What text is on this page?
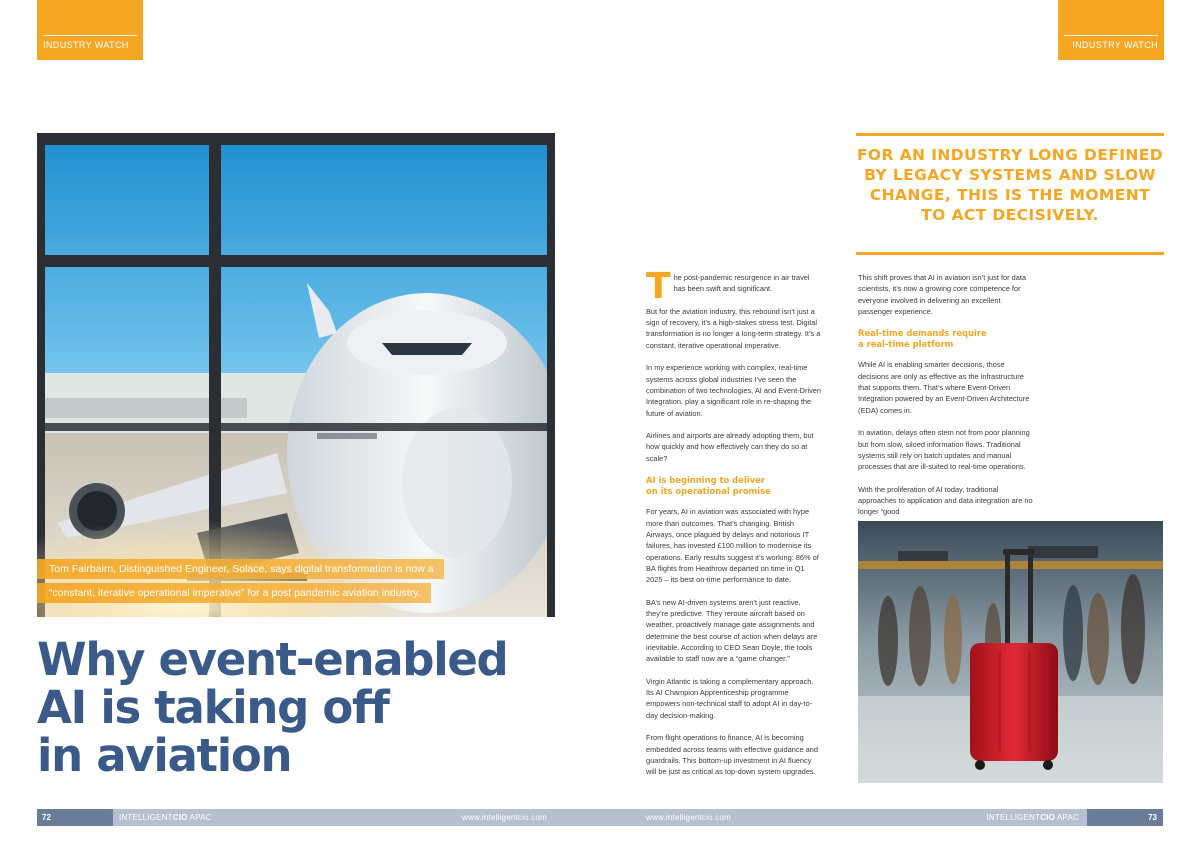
INDUSTRY WATCH	INDUSTRY WATCH
Tom Fairbairn, Distinguished Engineer, Solace, says digital transformation is now a
“constant, iterative operational imperative” for a post pandemic aviation industry.
Why event-enabled
AI is taking off
in aviation
FOR AN INDUSTRY LONG DEFINED BY LEGACY SYSTEMS AND SLOW CHANGE, THIS IS THE MOMENT TO ACT DECISIVELY.

The post-pandemic resurgence in air travel has been swift and significant.

But for the aviation industry, this rebound isn’t just a sign of recovery, it’s a high-stakes stress test. Digital transformation is no longer a long-term strategy. It’s a constant, iterative operational imperative.

In my experience working with complex, real-time systems across global industries I’ve seen the combination of two technologies, AI and Event-Driven Integration, play a significant role in re-shaping the future of aviation.

Airlines and airports are already adopting them, but how quickly and how effectively can they do so at scale?

AI is beginning to deliver
on its operational promise

For years, AI in aviation was associated with hype more than outcomes. That’s changing. British Airways, once plagued by delays and notorious IT failures, has invested £100 million to modernise its operations. Early results suggest it’s working: 86% of BA flights from Heathrow departed on time in Q1 2025 – its best on-time performance to date.

BA’s new AI-driven systems aren’t just reactive, they’re predictive. They reroute aircraft based on weather, proactively manage gate assignments and determine the best course of action when delays are inevitable. According to CEO Sean Doyle, the tools available to staff now are a “game changer.”

Virgin Atlantic is taking a complementary approach. Its AI Champion Apprenticeship programme empowers non-technical staff to adopt AI in day-to-day decision-making.

From flight operations to finance, AI is becoming embedded across teams with effective guidance and guardrails. This bottom-up investment in AI fluency will be just as critical as top-down system upgrades.

This shift proves that AI in aviation isn’t just for data scientists, it’s now a growing core competence for everyone involved in delivering an excellent passenger experience.

Real-time demands require
a real-time platform

While AI is enabling smarter decisions, those decisions are only as effective as the infrastructure that supports them. That’s where Event-Driven Integration powered by an Event-Driven Architecture (EDA) comes in.

In aviation, delays often stem not from poor planning but from slow, siloed information flows. Traditional systems still rely on batch updates and manual processes that are ill-suited to real-time operations.

With the proliferation of AI today, traditional approaches to application and data integration are no longer “good

72	INTELLIGENTCIO APAC	www.intelligentcio.com	www.intelligentcio.com	INTELLIGENTCIO APAC	73
